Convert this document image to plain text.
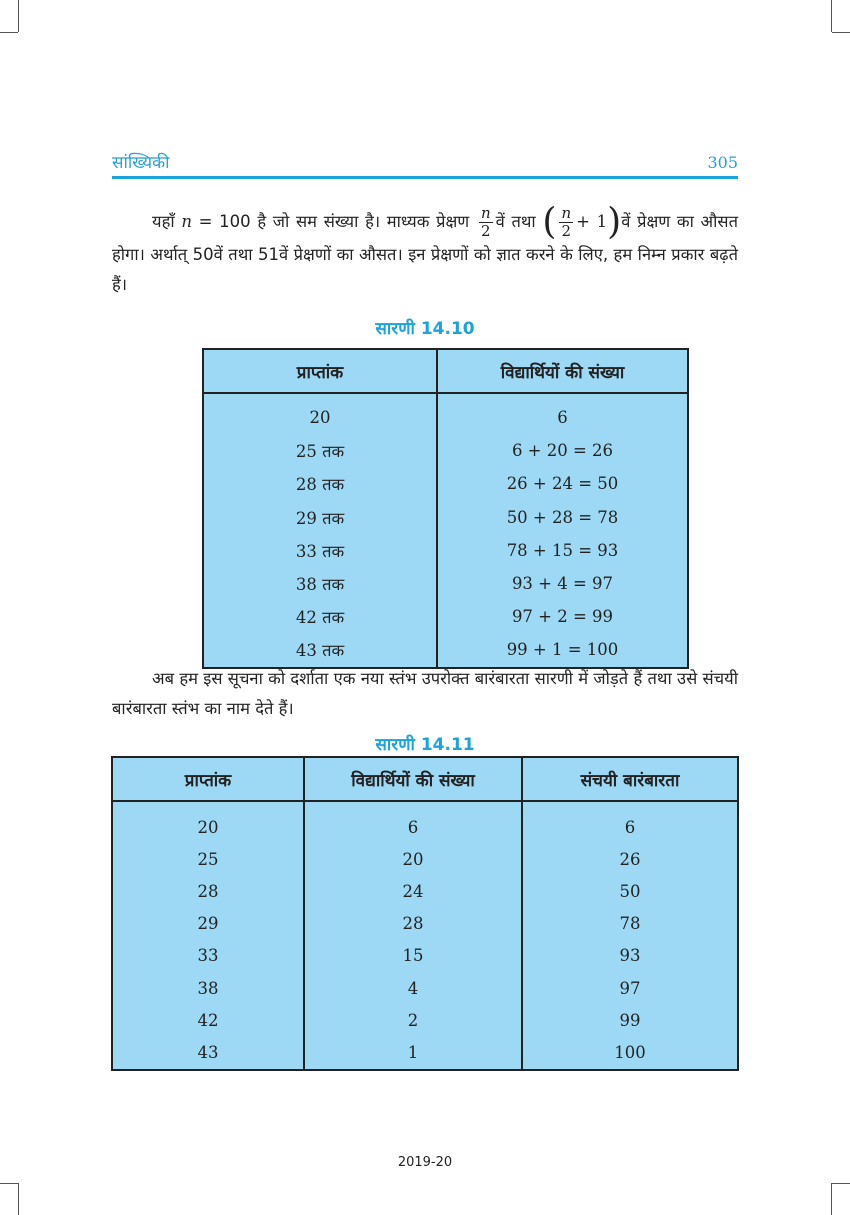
सांख्यिकी	305
यहाँ n = 100 है जो सम संख्या है। माध्यक प्रेक्षण $\frac{n}{2}$ वें तथा ( $\frac{n}{2}$ + 1)वें प्रेक्षण का औसत होगा। अर्थात् 50वें तथा 51वें प्रेक्षणों का औसत। इन प्रेक्षणों को ज्ञात करने के लिए, हम निम्न प्रकार बढ़ते हैं।
सारणी 14.10
प्राप्तांक	विद्यार्थियों की संख्या
20	6
25 तक	6 + 20 = 26
28 तक	26 + 24 = 50
29 तक	50 + 28 = 78
33 तक	78 + 15 = 93
38 तक	93 + 4 = 97
42 तक	97 + 2 = 99
43 तक	99 + 1 = 100
अब हम इस सूचना को दर्शाता एक नया स्तंभ उपरोक्त बारंबारता सारणी में जोड़ते हैं तथा उसे संचयी बारंबारता स्तंभ का नाम देते हैं।
सारणी 14.11
प्राप्तांक	विद्यार्थियों की संख्या	संचयी बारंबारता
20	6	6
25	20	26
28	24	50
29	28	78
33	15	93
38	4	97
42	2	99
43	1	100
2019-20
